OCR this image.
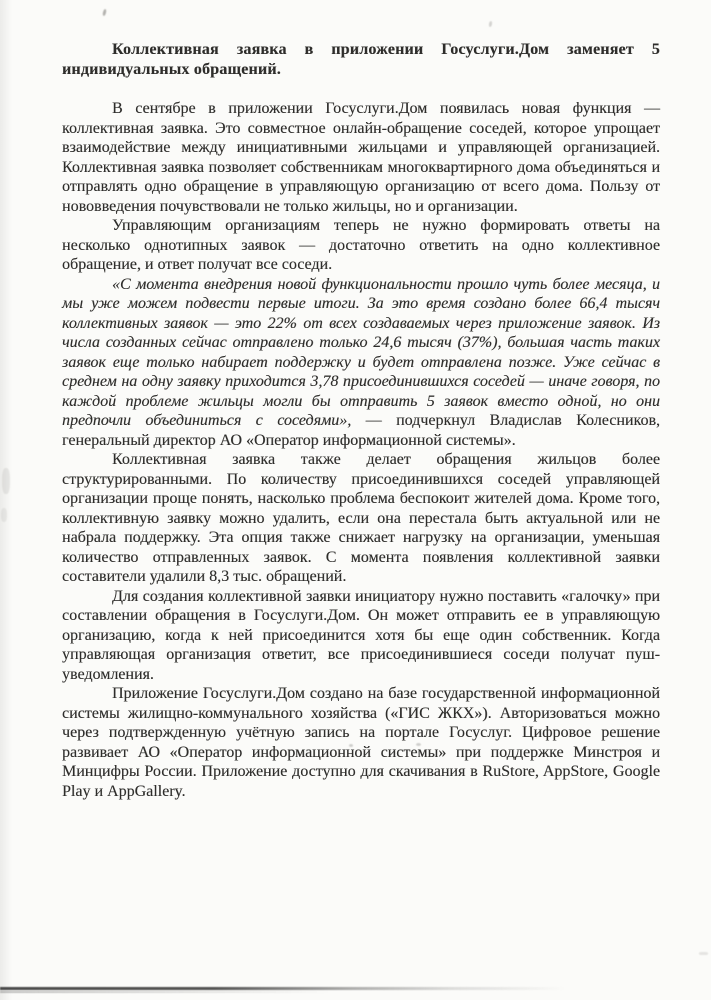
Коллективная заявка в приложении Госуслуги.Дом заменяет 5 индивидуальных обращений.

В сентябре в приложении Госуслуги.Дом появилась новая функция — коллективная заявка. Это совместное онлайн-обращение соседей, которое упрощает взаимодействие между инициативными жильцами и управляющей организацией. Коллективная заявка позволяет собственникам многоквартирного дома объединяться и отправлять одно обращение в управляющую организацию от всего дома. Пользу от нововведения почувствовали не только жильцы, но и организации.

Управляющим организациям теперь не нужно формировать ответы на несколько однотипных заявок — достаточно ответить на одно коллективное обращение, и ответ получат все соседи.

«С момента внедрения новой функциональности прошло чуть более месяца, и мы уже можем подвести первые итоги. За это время создано более 66,4 тысяч коллективных заявок — это 22% от всех создаваемых через приложение заявок. Из числа созданных сейчас отправлено только 24,6 тысяч (37%), большая часть таких заявок еще только набирает поддержку и будет отправлена позже. Уже сейчас в среднем на одну заявку приходится 3,78 присоединившихся соседей — иначе говоря, по каждой проблеме жильцы могли бы отправить 5 заявок вместо одной, но они предпочли объединиться с соседями», — подчеркнул Владислав Колесников, генеральный директор АО «Оператор информационной системы».

Коллективная заявка также делает обращения жильцов более структурированными. По количеству присоединившихся соседей управляющей организации проще понять, насколько проблема беспокоит жителей дома. Кроме того, коллективную заявку можно удалить, если она перестала быть актуальной или не набрала поддержку. Эта опция также снижает нагрузку на организации, уменьшая количество отправленных заявок. С момента появления коллективной заявки составители удалили 8,3 тыс. обращений.

Для создания коллективной заявки инициатору нужно поставить «галочку» при составлении обращения в Госуслуги.Дом. Он может отправить ее в управляющую организацию, когда к ней присоединится хотя бы еще один собственник. Когда управляющая организация ответит, все присоединившиеся соседи получат пуш-уведомления.

Приложение Госуслуги.Дом создано на базе государственной информационной системы жилищно-коммунального хозяйства («ГИС ЖКХ»). Авторизоваться можно через подтвержденную учётную запись на портале Госуслуг. Цифровое решение развивает АО «Оператор информационной системы» при поддержке Минстроя и Минцифры России. Приложение доступно для скачивания в RuStore, AppStore, Google Play и AppGallery.
